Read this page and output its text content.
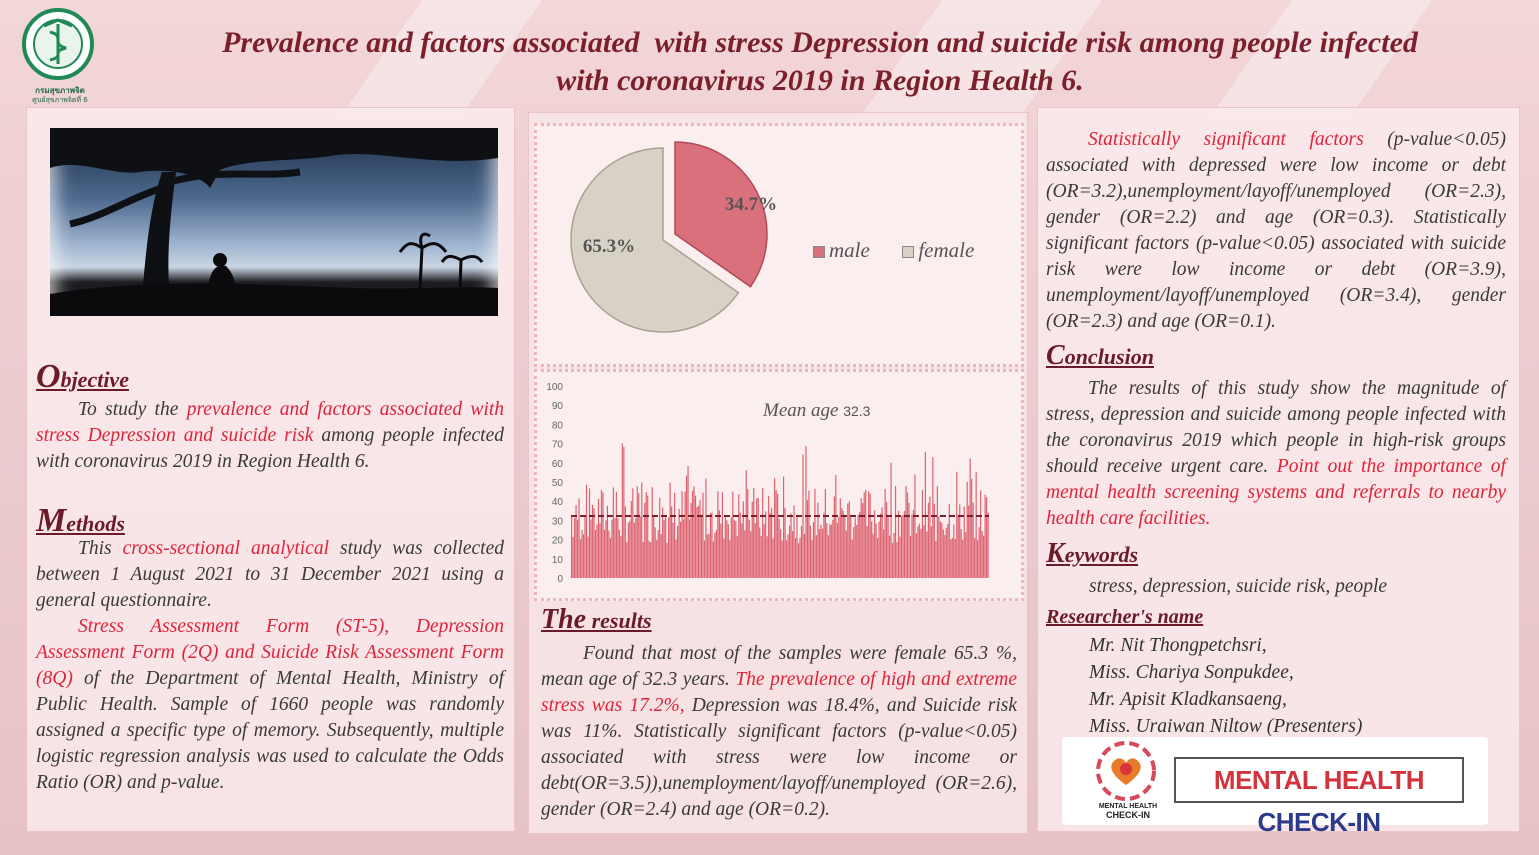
กรมสุขภาพจิต
ศูนย์สุขภาพจิตที่ 6
Prevalence and factors associated  with stress Depression and suicide risk among people infected
with coronavirus 2019 in Region Health 6.
Objective

To study the prevalence and factors associated with stress Depression and suicide risk among people infected with coronavirus 2019 in Region Health 6.

Methods

This cross-sectional analytical study was collected between 1 August 2021 to 31 December 2021 using a general questionnaire.

Stress Assessment Form (ST-5), Depression Assessment Form (2Q) and Suicide Risk Assessment Form (8Q) of the Department of Mental Health, Ministry of Public Health. Sample of 1660 people was randomly assigned a specific type of memory. Subsequently, multiple logistic regression analysis was used to calculate the Odds Ratio (OR) and p-value.

34.7%
65.3%	male female
100
90
80
70
60
50
40
30
20
10
0
Mean age 32.3
The results

Found that most of the samples were female 65.3 %, mean age of 32.3 years. The prevalence of high and extreme stress was 17.2%, Depression was 18.4%, and Suicide risk was 11%. Statistically significant factors (p-value<0.05) associated with stress were low income or debt(OR=3.5)),unemployment/layoff/unemployed (OR=2.6), gender (OR=2.4) and age (OR=0.2).

Statistically significant factors (p-value<0.05) associated with depressed were low income or debt (OR=3.2),unemployment/layoff/unemployed (OR=2.3), gender (OR=2.2) and age (OR=0.3). Statistically significant factors (p-value<0.05) associated with suicide risk were low income or debt (OR=3.9), unemployment/layoff/unemployed (OR=3.4), gender (OR=2.3) and age (OR=0.1).

Conclusion

The results of this study show the magnitude of stress, depression and suicide among people infected with the coronavirus 2019 which people in high-risk groups should receive urgent care. Point out the importance of mental health screening systems and referrals to nearby health care facilities.

Keywords

stress, depression, suicide risk, people

Researcher's name
Mr. Nit Thongpetchsri,
Miss. Chariya Sonpukdee,
Mr. Apisit Kladkansaeng,
Miss. Uraiwan Niltow (Presenters)
MENTAL HEALTH
CHECK-IN
MENTAL HEALTH CHECK-IN
